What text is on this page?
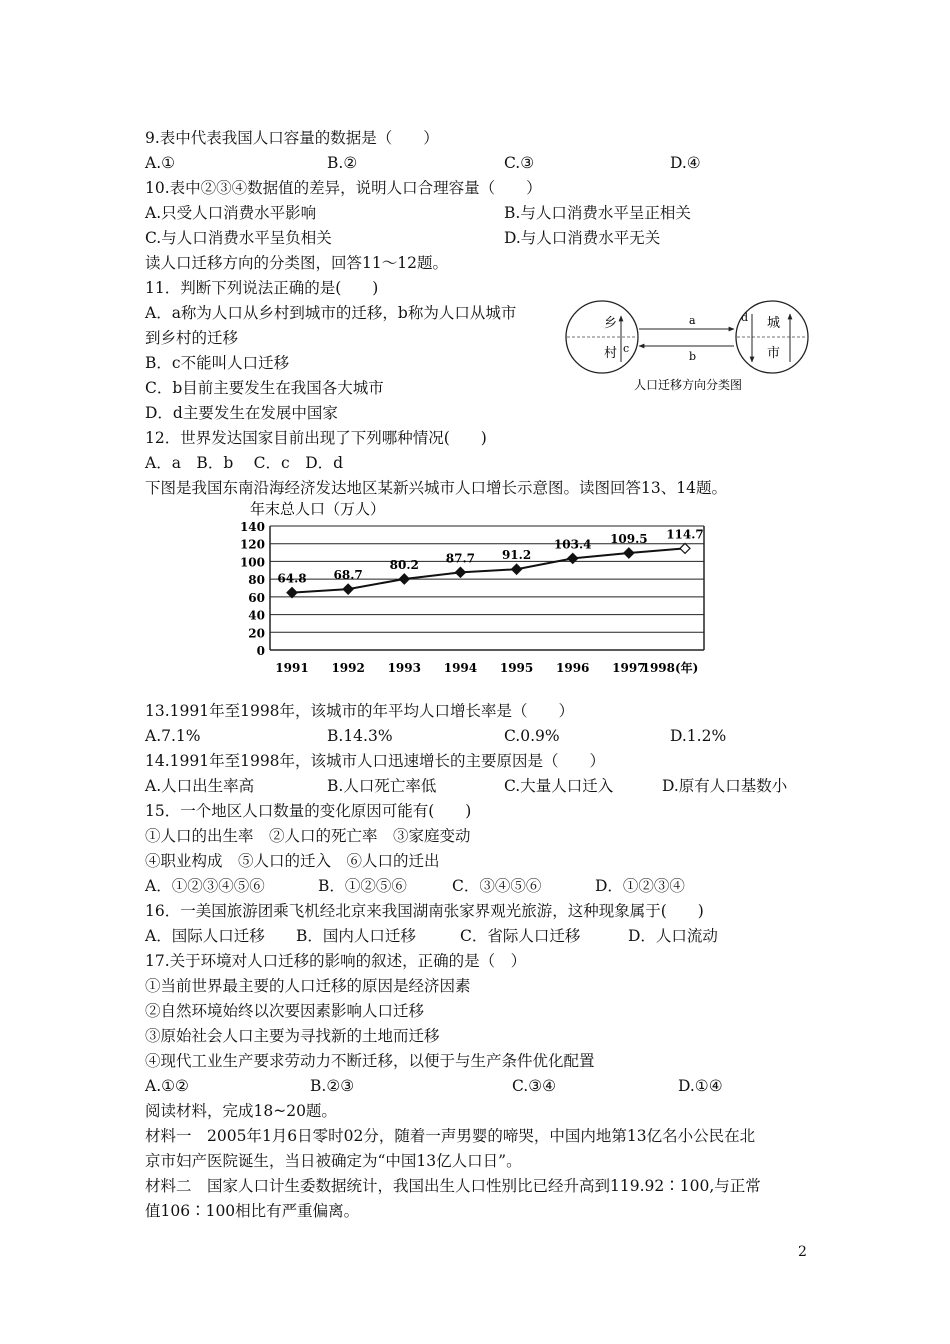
9.表中代表我国人口容量的数据是（　　）
A.①	B.②	C.③	D.④
10.表中②③④数据值的差异，说明人口合理容量（　　）
A.只受人口消费水平影响	B.与人口消费水平呈正相关
C.与人口消费水平呈负相关	D.与人口消费水平无关
读人口迁移方向的分类图，回答11～12题。
11．判断下列说法正确的是(　　)
A．a称为人口从乡村到城市的迁移，b称为人口从城市
到乡村的迁移
B．c不能叫人口迁移
C．b目前主要发生在我国各大城市
D．d主要发生在发展中国家
乡
村 c
d 城
市
a
b
人口迁移方向分类图
12．世界发达国家目前出现了下列哪种情况(　　)
A．a　B．b　 C．c　D．d
下图是我国东南沿海经济发达地区某新兴城市人口增长示意图。读图回答13、14题。
年末总人口（万人）
0
20
40
60
80
100
120
140
1991 1992 1993 1994 1995 1996 1997
1998(年)
64.8 68.7
80.2 87.7 91.2
103.4 109.5 114.7
13.1991年至1998年，该城市的年平均人口增长率是（　　）
A.7.1%	B.14.3%	C.0.9%	D.1.2%
14.1991年至1998年，该城市人口迅速增长的主要原因是（　　）
A.人口出生率高	B.人口死亡率低	C.大量人口迁入	D.原有人口基数小
15．一个地区人口数量的变化原因可能有(　　)
①人口的出生率　②人口的死亡率　③家庭变动
④职业构成　⑤人口的迁入　⑥人口的迁出
A．①②③④⑤⑥	B．①②⑤⑥	C．③④⑤⑥	D．①②③④
16．一美国旅游团乘飞机经北京来我国湖南张家界观光旅游，这种现象属于(　　)
A．国际人口迁移 B．国内人口迁移	C．省际人口迁移	D．人口流动
17.关于环境对人口迁移的影响的叙述，正确的是（　）
①当前世界最主要的人口迁移的原因是经济因素
②自然环境始终以次要因素影响人口迁移
③原始社会人口主要为寻找新的土地而迁移
④现代工业生产要求劳动力不断迁移，以便于与生产条件优化配置
A.①②	B.②③	C.③④	D.①④
阅读材料，完成18~20题。
材料一　2005年1月6日零时02分，随着一声男婴的啼哭，中国内地第13亿名小公民在北
京市妇产医院诞生，当日被确定为“中国13亿人口日”。
材料二　国家人口计生委数据统计，我国出生人口性别比已经升高到119.92∶100,与正常
值106∶100相比有严重偏离。
2
